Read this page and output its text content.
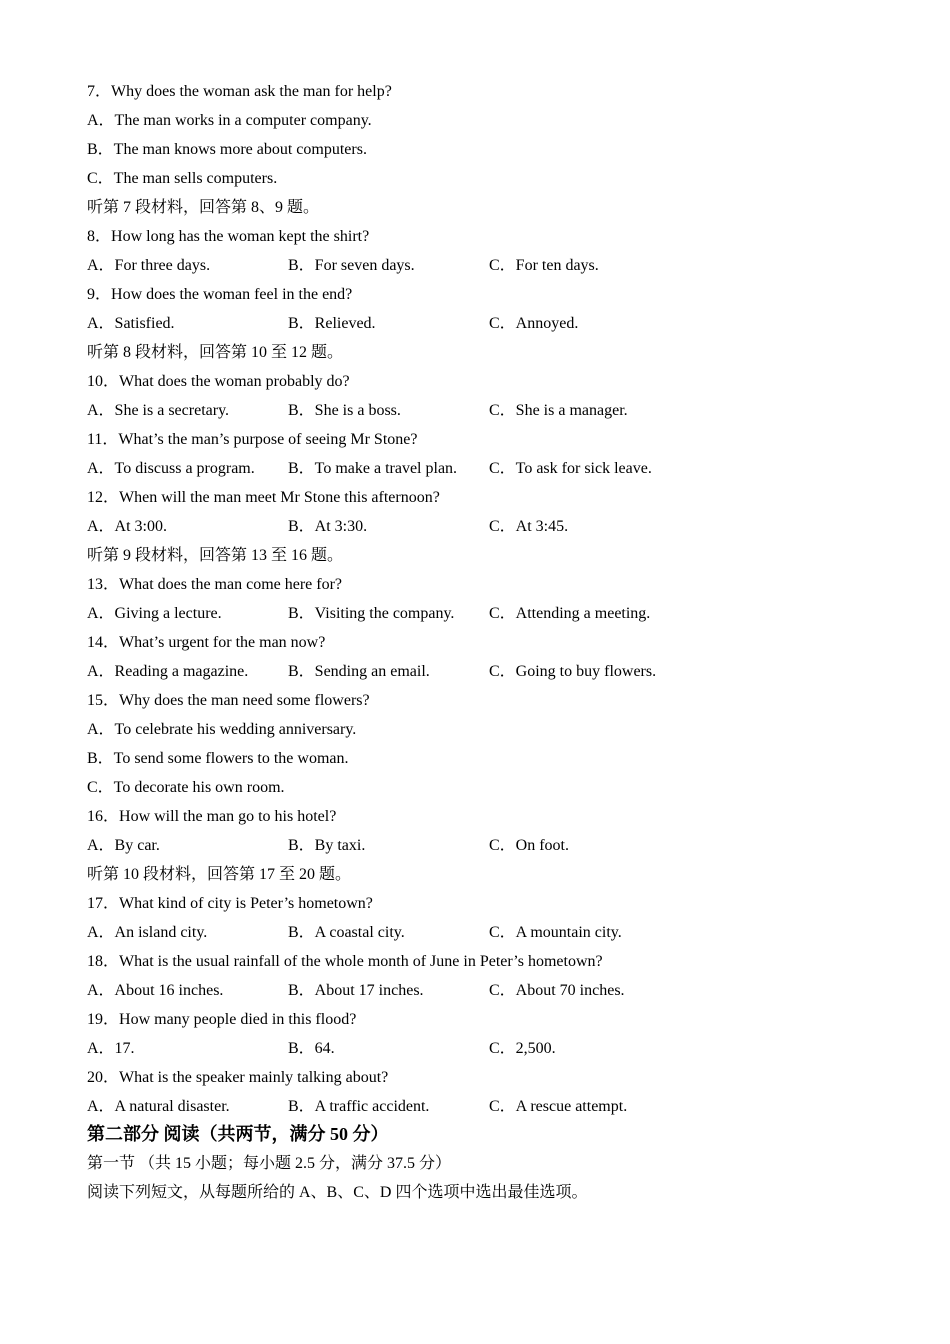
7．Why does the woman ask the man for help?
A．The man works in a computer company.
B．The man knows more about computers.
C．The man sells computers.
听第 7 段材料，回答第 8、9 题。
8．How long has the woman kept the shirt?
A．For three days.	B．For seven days.	C．For ten days.
9．How does the woman feel in the end?
A．Satisfied.	B．Relieved.	C．Annoyed.
听第 8 段材料，回答第 10 至 12 题。
10．What does the woman probably do?
A．She is a secretary.	B．She is a boss.	C．She is a manager.
11．What’s the man’s purpose of seeing Mr Stone?
A．To discuss a program. B．To make a travel plan. C．To ask for sick leave.
12．When will the man meet Mr Stone this afternoon?
A．At 3:00.	B．At 3:30.	C．At 3:45.
听第 9 段材料，回答第 13 至 16 题。
13．What does the man come here for?
A．Giving a lecture.	B．Visiting the company. C．Attending a meeting.
14．What’s urgent for the man now?
A．Reading a magazine. B．Sending an email.	C．Going to buy flowers.
15．Why does the man need some flowers?
A．To celebrate his wedding anniversary.
B．To send some flowers to the woman.
C．To decorate his own room.
16．How will the man go to his hotel?
A．By car.	B．By taxi.	C．On foot.
听第 10 段材料，回答第 17 至 20 题。
17．What kind of city is Peter’s hometown?
A．An island city.	B．A coastal city.	C．A mountain city.
18．What is the usual rainfall of the whole month of June in Peter’s hometown?
A．About 16 inches.	B．About 17 inches.	C．About 70 inches.
19．How many people died in this flood?
A．17.	B．64.	C．2,500.
20．What is the speaker mainly talking about?
A．A natural disaster.	B．A traffic accident.	C．A rescue attempt.
第二部分 阅读（共两节，满分 50 分）
第一节 （共 15 小题；每小题 2.5 分，满分 37.5 分）
阅读下列短文，从每题所给的 A、B、C、D 四个选项中选出最佳选项。
